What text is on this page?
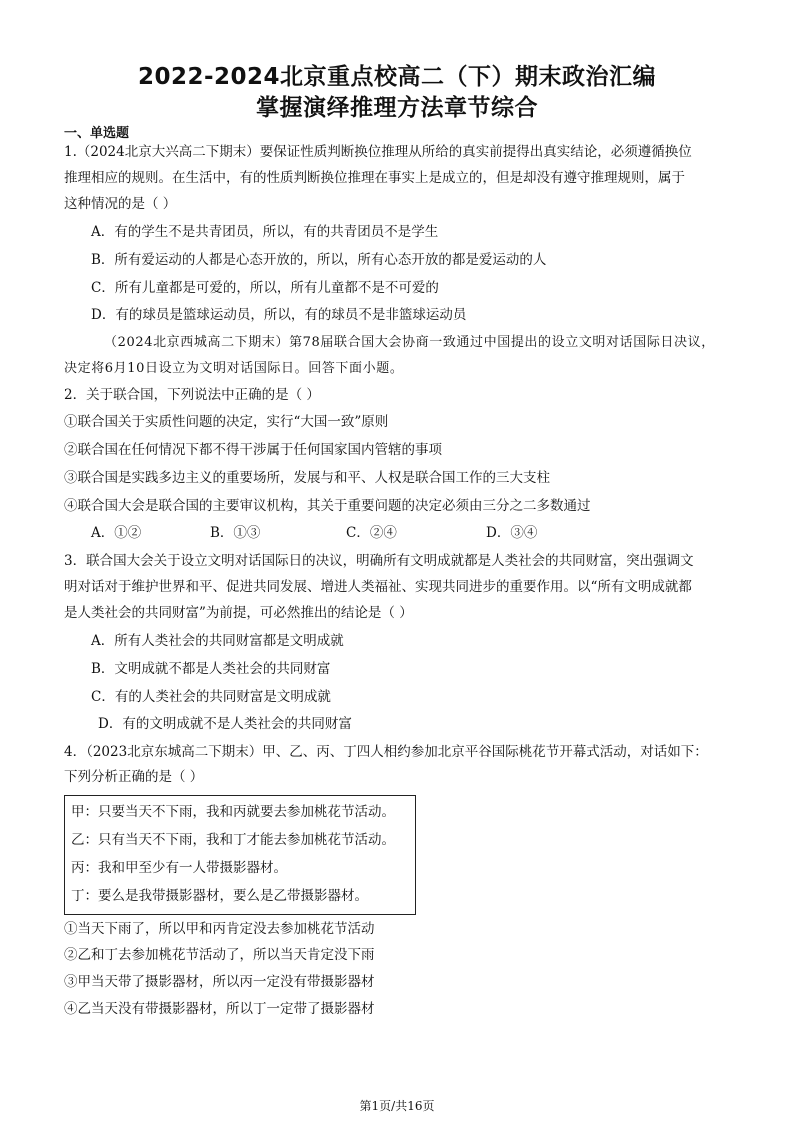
2022-2024北京重点校高二（下）期末政治汇编
掌握演绎推理方法章节综合
一、单选题
1.（2024北京大兴高二下期末）要保证性质判断换位推理从所给的真实前提得出真实结论，必须遵循换位
推理相应的规则。在生活中，有的性质判断换位推理在事实上是成立的，但是却没有遵守推理规则，属于
这种情况的是（ ）
A．有的学生不是共青团员，所以，有的共青团员不是学生
B．所有爱运动的人都是心态开放的，所以，所有心态开放的都是爱运动的人
C．所有儿童都是可爱的，所以，所有儿童都不是不可爱的
D．有的球员是篮球运动员，所以，有的球员不是非篮球运动员
（2024北京西城高二下期末）第78届联合国大会协商一致通过中国提出的设立文明对话国际日决议，
决定将6月10日设立为文明对话国际日。回答下面小题。
2．关于联合国，下列说法中正确的是（ ）
①联合国关于实质性问题的决定，实行“大国一致”原则
②联合国在任何情况下都不得干涉属于任何国家国内管辖的事项
③联合国是实践多边主义的重要场所，发展与和平、人权是联合国工作的三大支柱
④联合国大会是联合国的主要审议机构，其关于重要问题的决定必须由三分之二多数通过
A．①②	B．①③	C．②④	D．③④
3．联合国大会关于设立文明对话国际日的决议，明确所有文明成就都是人类社会的共同财富，突出强调文
明对话对于维护世界和平、促进共同发展、增进人类福祉、实现共同进步的重要作用。以“所有文明成就都
是人类社会的共同财富”为前提，可必然推出的结论是（ ）
A．所有人类社会的共同财富都是文明成就
B．文明成就不都是人类社会的共同财富
C．有的人类社会的共同财富是文明成就
D．有的文明成就不是人类社会的共同财富
4．（2023北京东城高二下期末）甲、乙、丙、丁四人相约参加北京平谷国际桃花节开幕式活动，对话如下：
下列分析正确的是（ ）
甲：只要当天不下雨，我和丙就要去参加桃花节活动。
乙：只有当天不下雨，我和丁才能去参加桃花节活动。
丙：我和甲至少有一人带摄影器材。
丁：要么是我带摄影器材，要么是乙带摄影器材。
①当天下雨了，所以甲和丙肯定没去参加桃花节活动
②乙和丁去参加桃花节活动了，所以当天肯定没下雨
③甲当天带了摄影器材，所以丙一定没有带摄影器材
④乙当天没有带摄影器材，所以丁一定带了摄影器材
第1页/共16页
